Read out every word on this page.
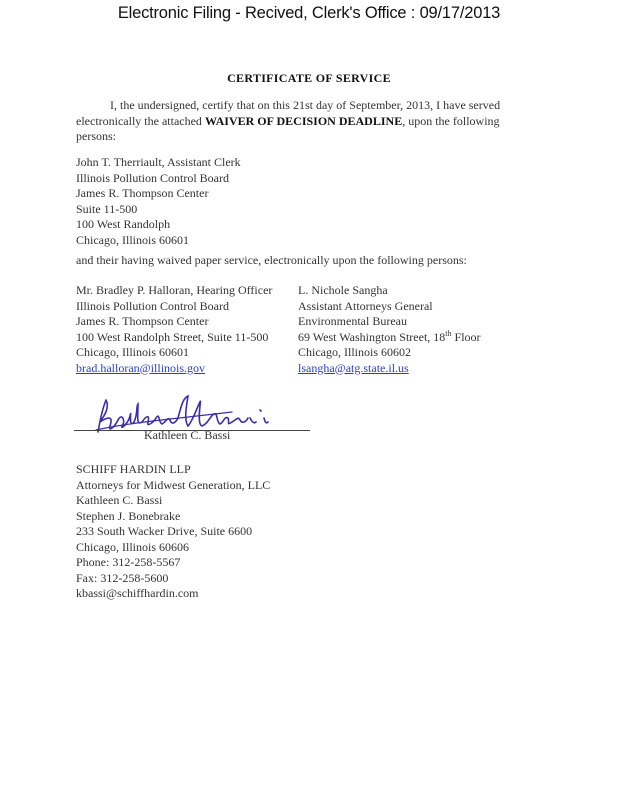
Electronic Filing - Recived, Clerk's Office : 09/17/2013
CERTIFICATE OF SERVICE
I, the undersigned, certify that on this 21st day of September, 2013, I have served electronically the attached WAIVER OF DECISION DEADLINE, upon the following persons:
John T. Therriault, Assistant Clerk
Illinois Pollution Control Board
James R. Thompson Center
Suite 11-500
100 West Randolph
Chicago, Illinois 60601
and their having waived paper service, electronically upon the following persons:
Mr. Bradley P. Halloran, Hearing Officer
Illinois Pollution Control Board
James R. Thompson Center
100 West Randolph Street, Suite 11-500
Chicago, Illinois 60601
brad.halloran@illinois.gov
L. Nichole Sangha
Assistant Attorneys General
Environmental Bureau
69 West Washington Street, 18th Floor
Chicago, Illinois 60602
lsangha@atg.state.il.us
Kathleen C. Bassi
SCHIFF HARDIN LLP
Attorneys for Midwest Generation, LLC
Kathleen C. Bassi
Stephen J. Bonebrake
233 South Wacker Drive, Suite 6600
Chicago, Illinois 60606
Phone: 312-258-5567
Fax: 312-258-5600
kbassi@schiffhardin.com
